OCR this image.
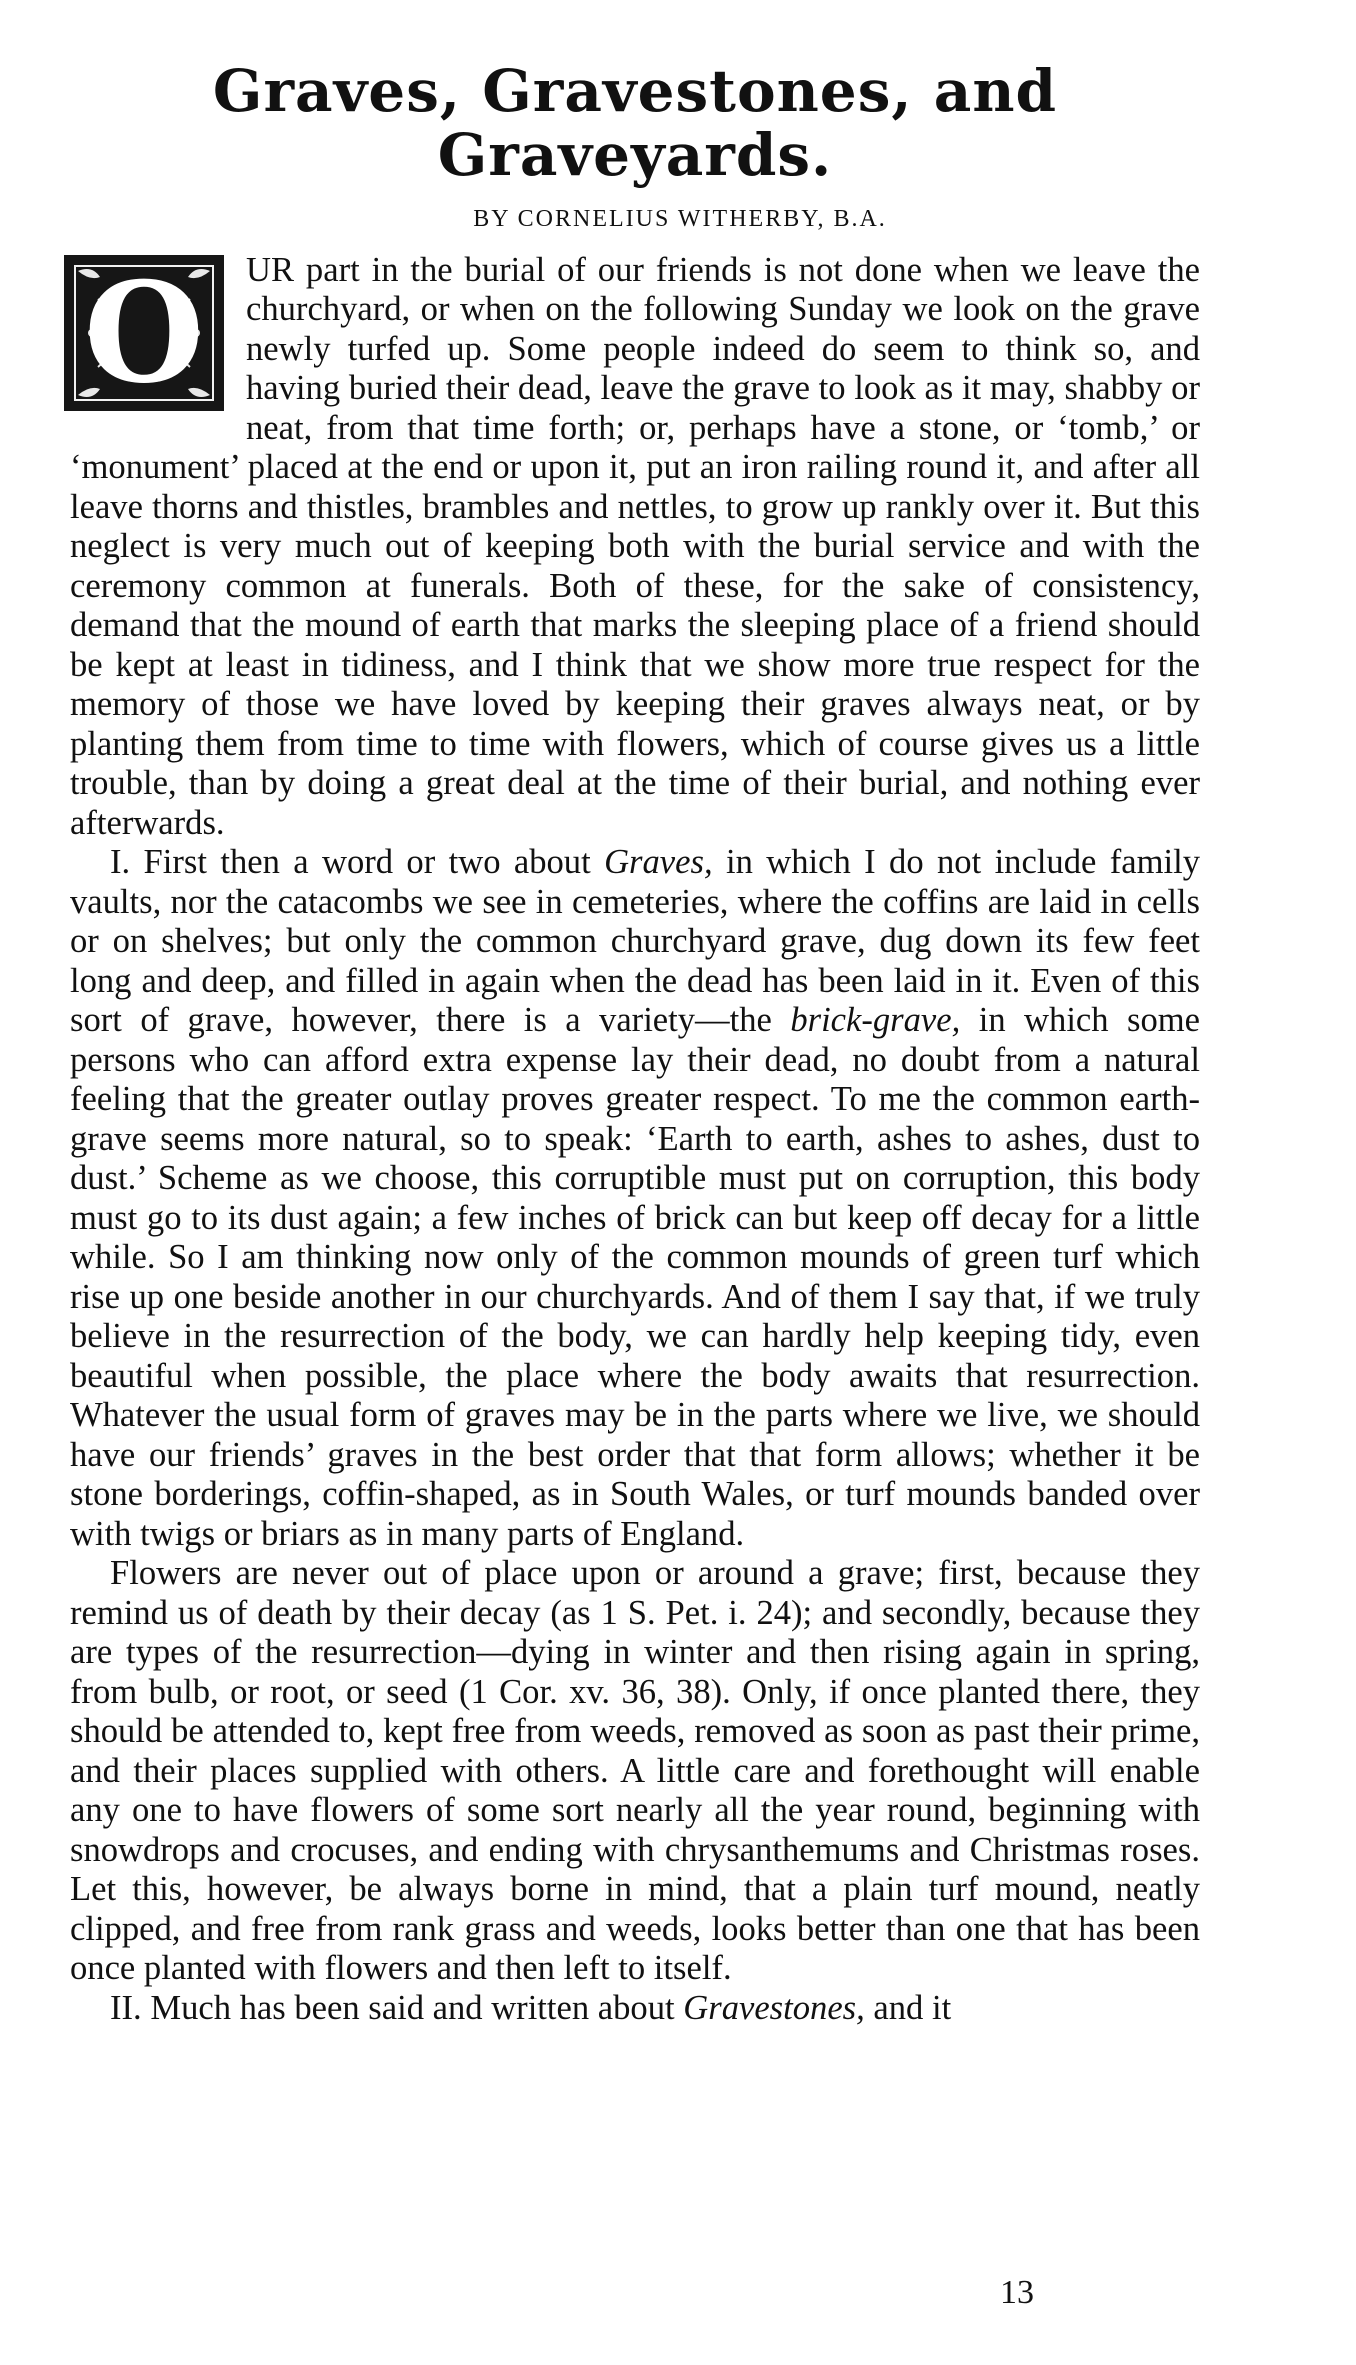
Graves, Gravestones, and Graveyards.
BY CORNELIUS WITHERBY, B.A.

O UR part in the burial of our friends is not done when we leave the churchyard, or when on the following Sunday we look on the grave newly turfed up. Some people indeed do seem to think so, and having buried their dead, leave the grave to look as it may, shabby or neat, from that time forth; or, perhaps have a stone, or ‘tomb,’ or ‘monument’ placed at the end or upon it, put an iron railing round it, and after all leave thorns and thistles, brambles and nettles, to grow up rankly over it. But this neglect is very much out of keeping both with the burial service and with the ceremony common at funerals. Both of these, for the sake of consistency, demand that the mound of earth that marks the sleeping place of a friend should be kept at least in tidiness, and I think that we show more true respect for the memory of those we have loved by keeping their graves always neat, or by planting them from time to time with flowers, which of course gives us a little trouble, than by doing a great deal at the time of their burial, and nothing ever afterwards.

I. First then a word or two about Graves, in which I do not include family vaults, nor the catacombs we see in cemeteries, where the coffins are laid in cells or on shelves; but only the common churchyard grave, dug down its few feet long and deep, and filled in again when the dead has been laid in it. Even of this sort of grave, however, there is a variety—the brick-grave, in which some persons who can afford extra expense lay their dead, no doubt from a natural feeling that the greater outlay proves greater respect. To me the common earth-grave seems more natural, so to speak: ‘Earth to earth, ashes to ashes, dust to dust.’ Scheme as we choose, this corruptible must put on corruption, this body must go to its dust again; a few inches of brick can but keep off decay for a little while. So I am thinking now only of the common mounds of green turf which rise up one beside another in our churchyards. And of them I say that, if we truly believe in the resurrection of the body, we can hardly help keeping tidy, even beautiful when possible, the place where the body awaits that resurrection. Whatever the usual form of graves may be in the parts where we live, we should have our friends’ graves in the best order that that form allows; whether it be stone borderings, coffin-shaped, as in South Wales, or turf mounds banded over with twigs or briars as in many parts of England.

Flowers are never out of place upon or around a grave; first, because they remind us of death by their decay (as 1 S. Pet. i. 24); and secondly, because they are types of the resurrection—dying in winter and then rising again in spring, from bulb, or root, or seed (1 Cor. xv. 36, 38). Only, if once planted there, they should be attended to, kept free from weeds, removed as soon as past their prime, and their places supplied with others. A little care and forethought will enable any one to have flowers of some sort nearly all the year round, beginning with snowdrops and crocuses, and ending with chrysanthemums and Christmas roses. Let this, however, be always borne in mind, that a plain turf mound, neatly clipped, and free from rank grass and weeds, looks better than one that has been once planted with flowers and then left to itself.

II. Much has been said and written about Gravestones, and it

13
